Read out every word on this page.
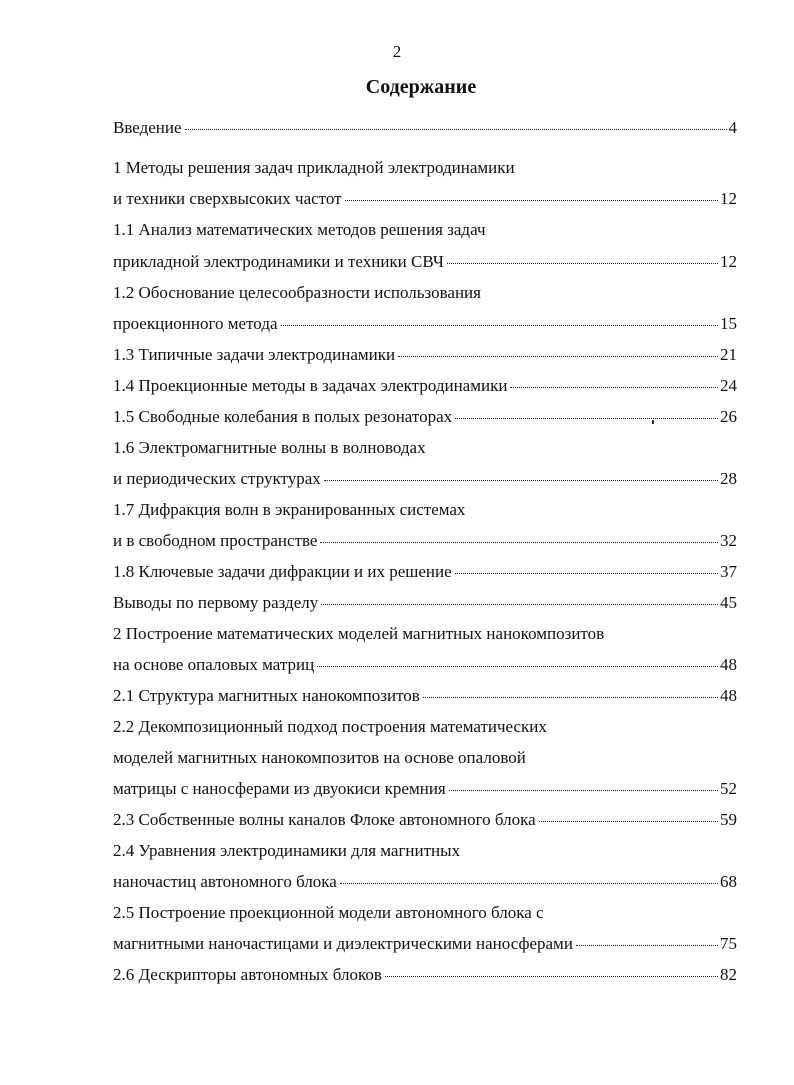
2
Содержание
Введение	4
1 Методы решения задач прикладной электродинамики
и техники сверхвысоких частот	12
1.1 Анализ математических методов решения задач
прикладной электродинамики и техники СВЧ	12
1.2 Обоснование целесообразности использования
проекционного метода	15
1.3 Типичные задачи электродинамики	21
1.4 Проекционные методы в задачах электродинамики	24
1.5 Свободные колебания в полых резонаторах	26
1.6 Электромагнитные волны в волноводах
и периодических структурах	28
1.7 Дифракция волн в экранированных системах
и в свободном пространстве	32
1.8 Ключевые задачи дифракции и их решение	37
Выводы по первому разделу	45
2 Построение математических моделей магнитных нанокомпозитов
на основе опаловых матриц	48
2.1 Структура магнитных нанокомпозитов	48
2.2 Декомпозиционный подход построения математических
моделей магнитных нанокомпозитов на основе опаловой
матрицы с наносферами из двуокиси кремния	52
2.3 Собственные волны каналов Флоке автономного блока	59
2.4 Уравнения электродинамики для магнитных
наночастиц автономного блока	68
2.5 Построение проекционной модели автономного блока с
магнитными наночастицами и диэлектрическими наносферами	75
2.6 Дескрипторы автономных блоков	82
